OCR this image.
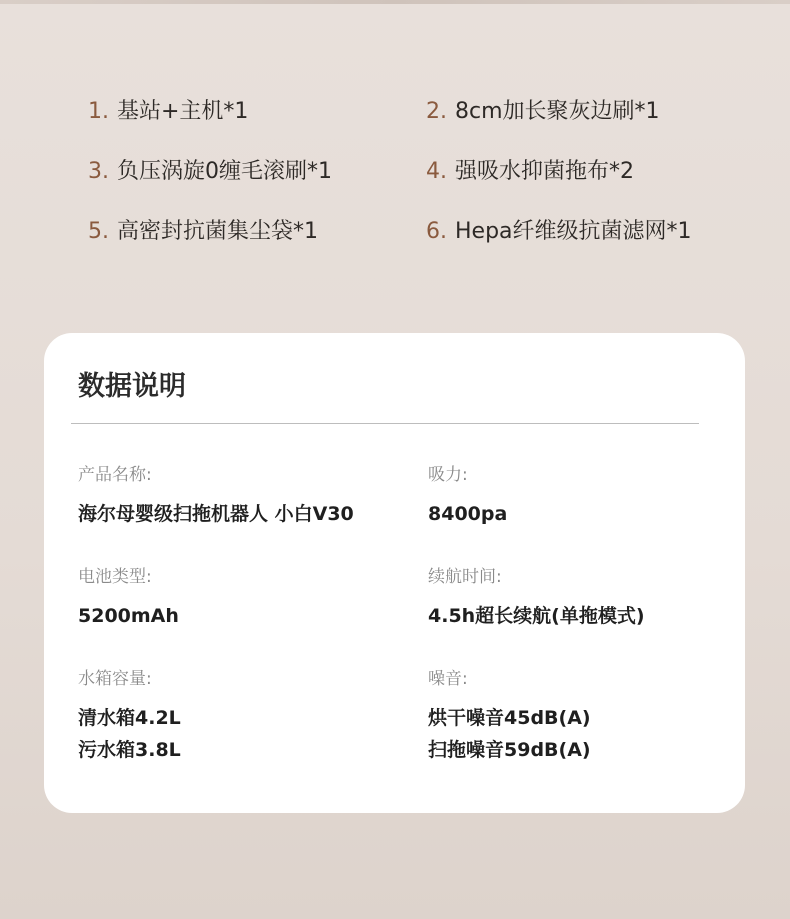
1. 基站+主机*1	2. 8cm加长聚灰边刷*1
3. 负压涡旋0缠毛滚刷*1	4. 强吸水抑菌拖布*2
5. 高密封抗菌集尘袋*1	6. Hepa纤维级抗菌滤网*1
数据说明
产品名称:
海尔母婴级扫拖机器人 小白V30
吸力:
8400pa
电池类型:
5200mAh
续航时间:
4.5h超长续航(单拖模式)
水箱容量:
清水箱4.2L
污水箱3.8L
噪音:
烘干噪音45dB(A)
扫拖噪音59dB(A)
